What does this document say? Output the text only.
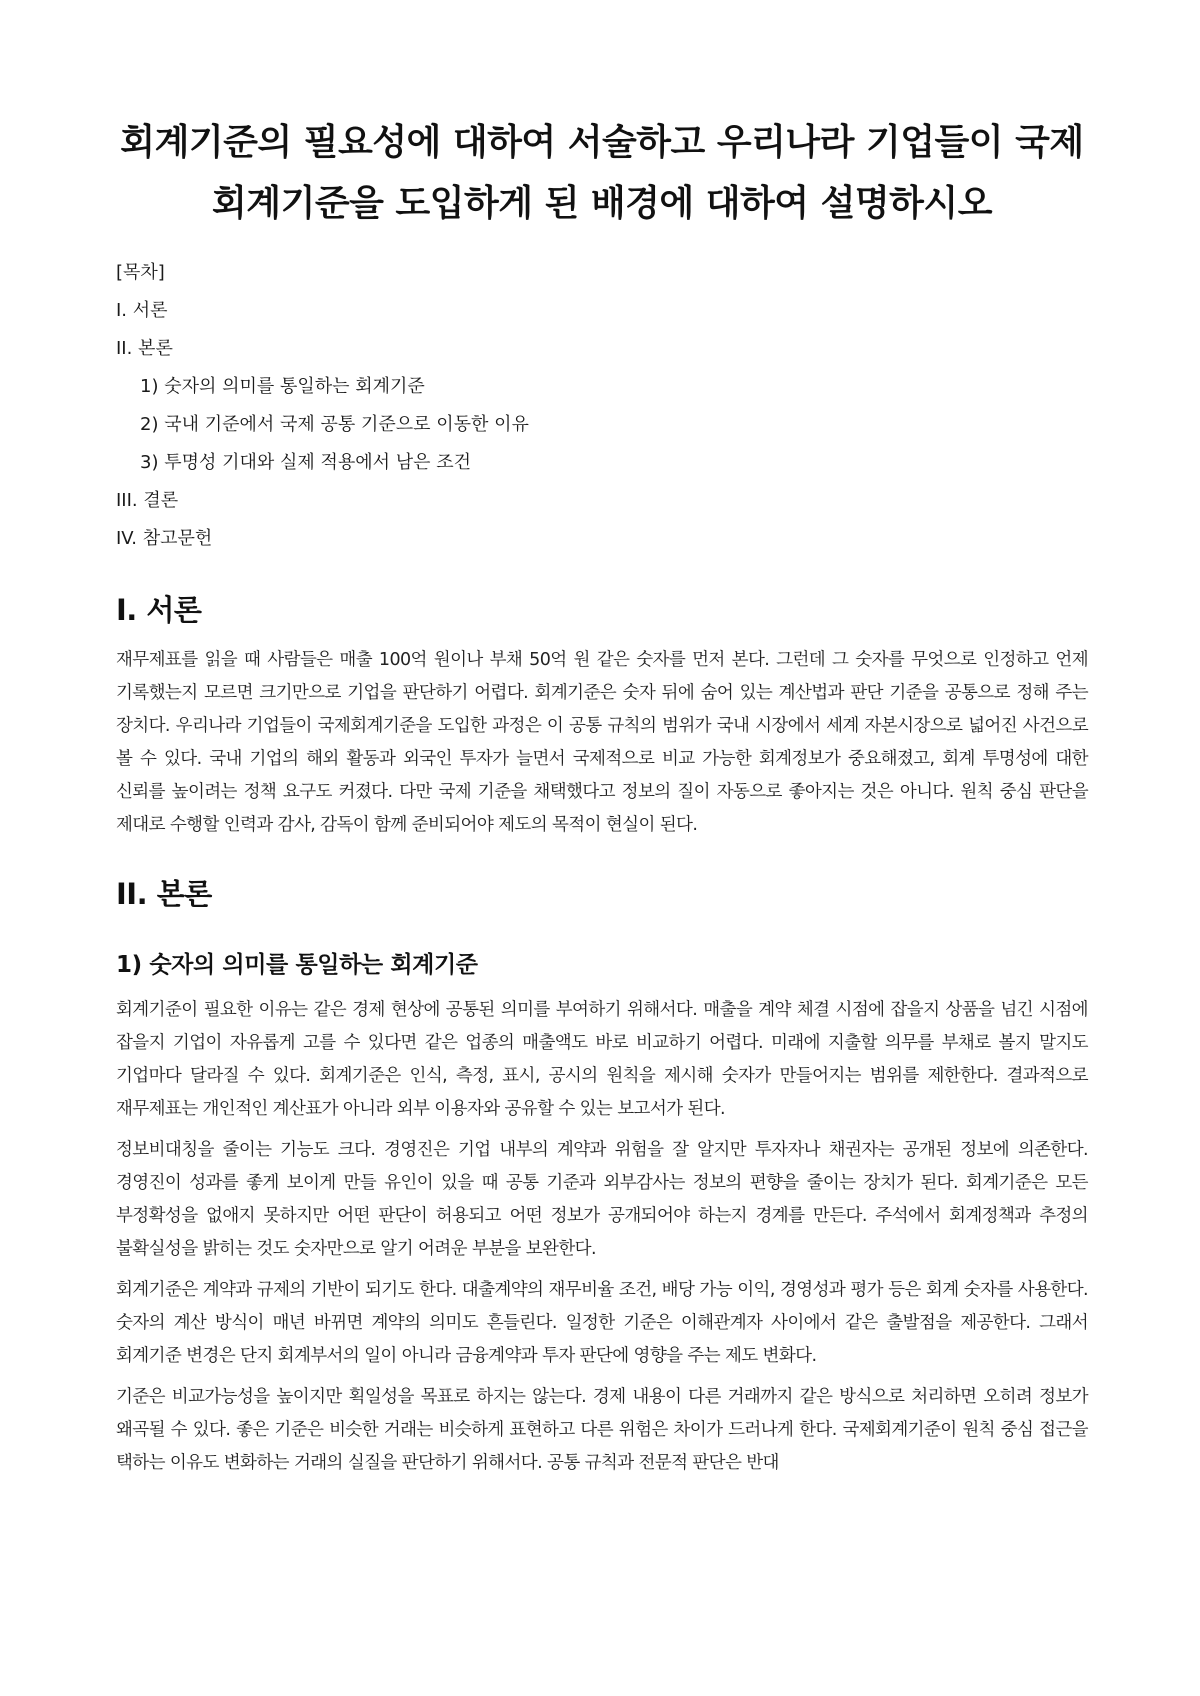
회계기준의 필요성에 대하여 서술하고 우리나라 기업들이 국제회계기준을 도입하게 된 배경에 대하여 설명하시오
[목차]
I. 서론
II. 본론
1) 숫자의 의미를 통일하는 회계기준
2) 국내 기준에서 국제 공통 기준으로 이동한 이유
3) 투명성 기대와 실제 적용에서 남은 조건
III. 결론
IV. 참고문헌
I. 서론

재무제표를 읽을 때 사람들은 매출 100억 원이나 부채 50억 원 같은 숫자를 먼저 본다. 그런데 그 숫자를 무엇으로 인정하고 언제 기록했는지 모르면 크기만으로 기업을 판단하기 어렵다. 회계기준은 숫자 뒤에 숨어 있는 계산법과 판단 기준을 공통으로 정해 주는 장치다. 우리나라 기업들이 국제회계기준을 도입한 과정은 이 공통 규칙의 범위가 국내 시장에서 세계 자본시장으로 넓어진 사건으로 볼 수 있다. 국내 기업의 해외 활동과 외국인 투자가 늘면서 국제적으로 비교 가능한 회계정보가 중요해졌고, 회계 투명성에 대한 신뢰를 높이려는 정책 요구도 커졌다. 다만 국제 기준을 채택했다고 정보의 질이 자동으로 좋아지는 것은 아니다. 원칙 중심 판단을 제대로 수행할 인력과 감사, 감독이 함께 준비되어야 제도의 목적이 현실이 된다.

II. 본론
1) 숫자의 의미를 통일하는 회계기준

회계기준이 필요한 이유는 같은 경제 현상에 공통된 의미를 부여하기 위해서다. 매출을 계약 체결 시점에 잡을지 상품을 넘긴 시점에 잡을지 기업이 자유롭게 고를 수 있다면 같은 업종의 매출액도 바로 비교하기 어렵다. 미래에 지출할 의무를 부채로 볼지 말지도 기업마다 달라질 수 있다. 회계기준은 인식, 측정, 표시, 공시의 원칙을 제시해 숫자가 만들어지는 범위를 제한한다. 결과적으로 재무제표는 개인적인 계산표가 아니라 외부 이용자와 공유할 수 있는 보고서가 된다.

정보비대칭을 줄이는 기능도 크다. 경영진은 기업 내부의 계약과 위험을 잘 알지만 투자자나 채권자는 공개된 정보에 의존한다. 경영진이 성과를 좋게 보이게 만들 유인이 있을 때 공통 기준과 외부감사는 정보의 편향을 줄이는 장치가 된다. 회계기준은 모든 부정확성을 없애지 못하지만 어떤 판단이 허용되고 어떤 정보가 공개되어야 하는지 경계를 만든다. 주석에서 회계정책과 추정의 불확실성을 밝히는 것도 숫자만으로 알기 어려운 부분을 보완한다.

회계기준은 계약과 규제의 기반이 되기도 한다. 대출계약의 재무비율 조건, 배당 가능 이익, 경영성과 평가 등은 회계 숫자를 사용한다. 숫자의 계산 방식이 매년 바뀌면 계약의 의미도 흔들린다. 일정한 기준은 이해관계자 사이에서 같은 출발점을 제공한다. 그래서 회계기준 변경은 단지 회계부서의 일이 아니라 금융계약과 투자 판단에 영향을 주는 제도 변화다.

기준은 비교가능성을 높이지만 획일성을 목표로 하지는 않는다. 경제 내용이 다른 거래까지 같은 방식으로 처리하면 오히려 정보가 왜곡될 수 있다. 좋은 기준은 비슷한 거래는 비슷하게 표현하고 다른 위험은 차이가 드러나게 한다. 국제회계기준이 원칙 중심 접근을 택하는 이유도 변화하는 거래의 실질을 판단하기 위해서다. 공통 규칙과 전문적 판단은 반대
